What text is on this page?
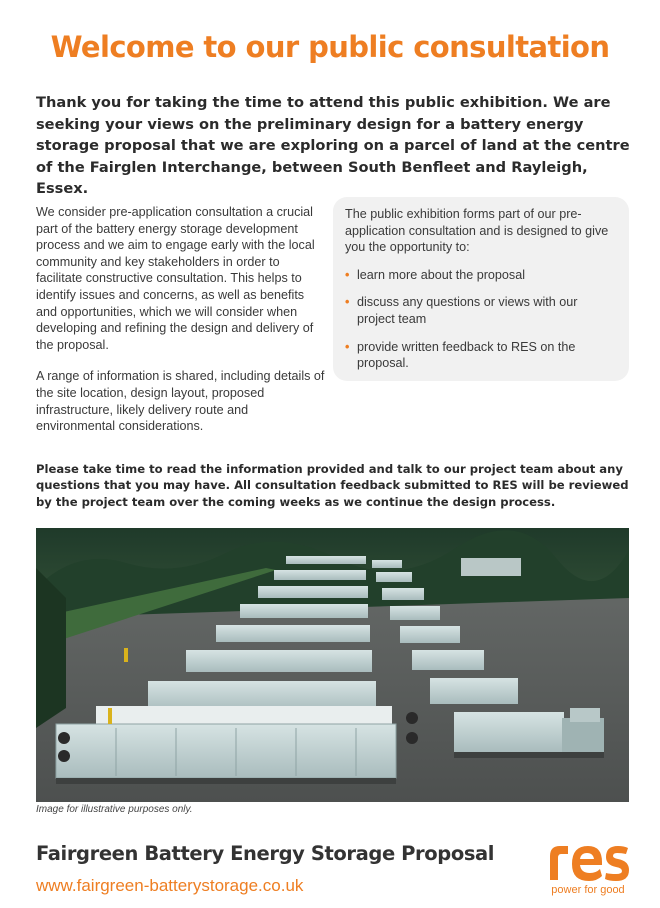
Welcome to our public consultation

Thank you for taking the time to attend this public exhibition. We are seeking your views on the preliminary design for a battery energy storage proposal that we are exploring on a parcel of land at the centre of the Fairglen Interchange, between South Benfleet and Rayleigh, Essex.

We consider pre-application consultation a crucial part of the battery energy storage development process and we aim to engage early with the local community and key stakeholders in order to facilitate constructive consultation. This helps to identify issues and concerns, as well as benefits and opportunities, which we will consider when developing and refining the design and delivery of the proposal.

A range of information is shared, including details of the site location, design layout, proposed infrastructure, likely delivery route and environmental considerations.

The public exhibition forms part of our pre-application consultation and is designed to give you the opportunity to:

• learn more about the proposal
• discuss any questions or views with our project team
• provide written feedback to RES on the proposal.

Please take time to read the information provided and talk to our project team about any questions that you may have. All consultation feedback submitted to RES will be reviewed by the project team over the coming weeks as we continue the design process.

Image for illustrative purposes only.
Fairgreen Battery Energy Storage Proposal
www.fairgreen-batterystorage.co.uk	power for good
